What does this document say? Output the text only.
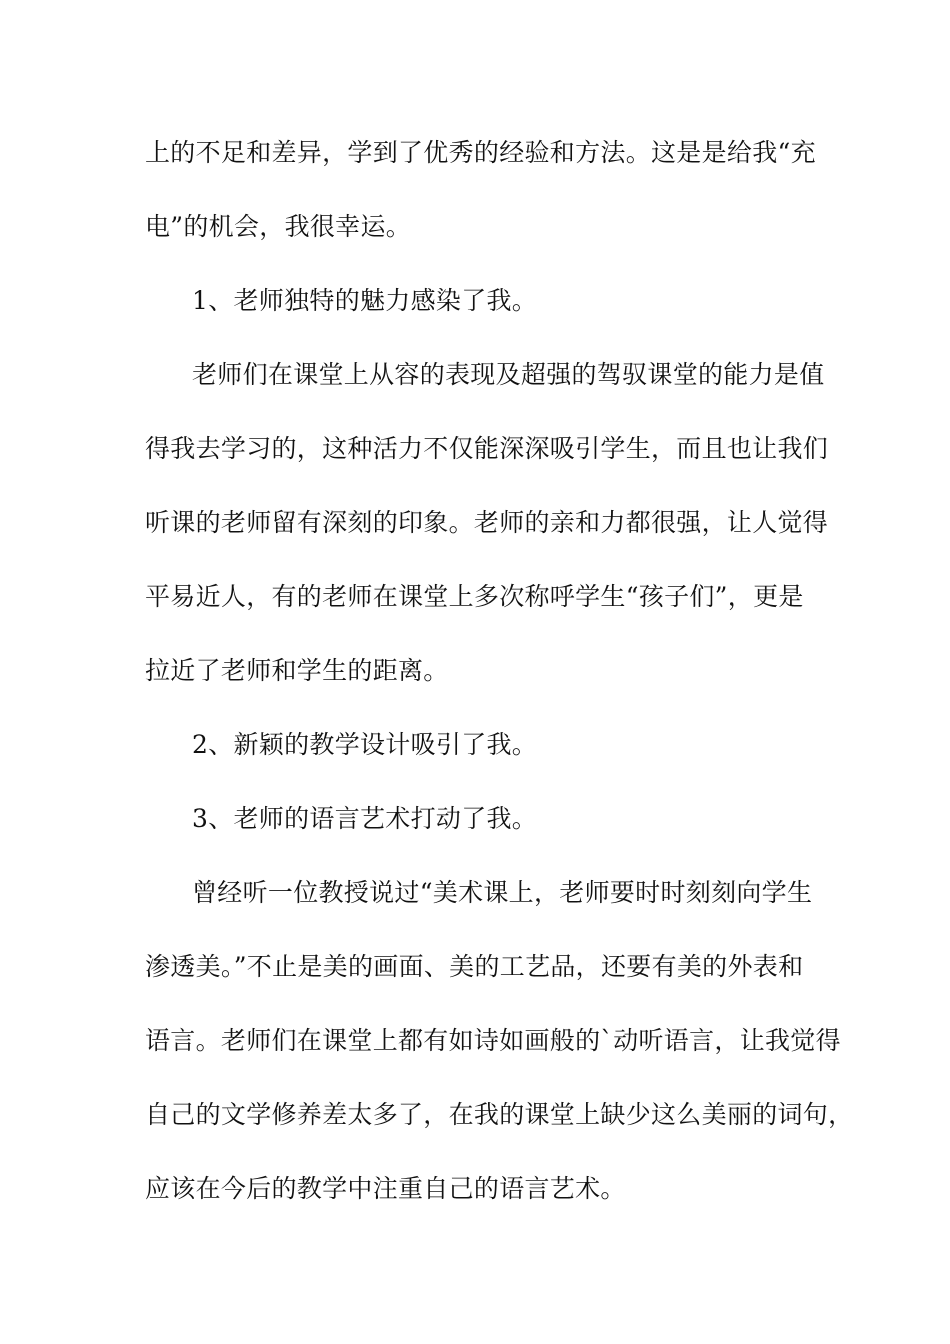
上的不足和差异，学到了优秀的经验和方法。这是是给我“充
电”的机会，我很幸运。
1、老师独特的魅力感染了我。
老师们在课堂上从容的表现及超强的驾驭课堂的能力是值
得我去学习的，这种活力不仅能深深吸引学生，而且也让我们
听课的老师留有深刻的印象。老师的亲和力都很强，让人觉得
平易近人，有的老师在课堂上多次称呼学生“孩子们”，更是
拉近了老师和学生的距离。
2、新颖的教学设计吸引了我。
3、老师的语言艺术打动了我。
曾经听一位教授说过“美术课上，老师要时时刻刻向学生
渗透美。”不止是美的画面、美的工艺品，还要有美的外表和
语言。老师们在课堂上都有如诗如画般的`动听语言，让我觉得
自己的文学修养差太多了，在我的课堂上缺少这么美丽的词句，
应该在今后的教学中注重自己的语言艺术。
